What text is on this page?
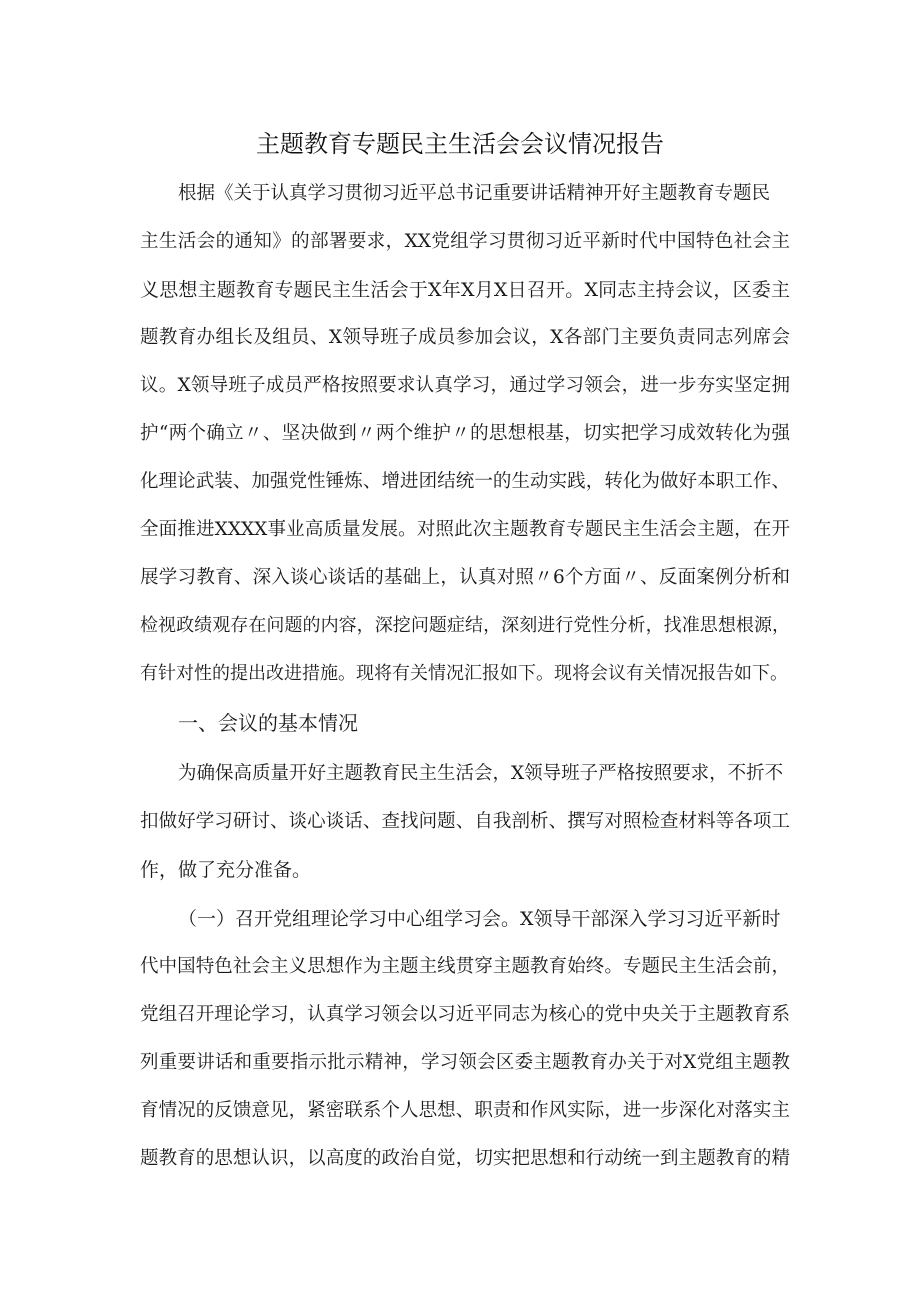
主题教育专题民主生活会会议情况报告
根据《关于认真学习贯彻习近平总书记重要讲话精神开好主题教育专题民
主生活会的通知》的部署要求，XX党组学习贯彻习近平新时代中国特色社会主
义思想主题教育专题民主生活会于X年X月X日召开。X同志主持会议，区委主
题教育办组长及组员、X领导班子成员参加会议，X各部门主要负责同志列席会
议。X领导班子成员严格按照要求认真学习，通过学习领会，进一步夯实坚定拥
护“两个确立〃、坚决做到〃两个维护〃的思想根基，切实把学习成效转化为强
化理论武装、加强党性锤炼、增进团结统一的生动实践，转化为做好本职工作、
全面推进XXXX事业高质量发展。对照此次主题教育专题民主生活会主题，在开
展学习教育、深入谈心谈话的基础上，认真对照〃6个方面〃、反面案例分析和
检视政绩观存在问题的内容，深挖问题症结，深刻进行党性分析，找准思想根源，
有针对性的提出改进措施。现将有关情况汇报如下。现将会议有关情况报告如下。
一、会议的基本情况
为确保高质量开好主题教育民主生活会，X领导班子严格按照要求，不折不
扣做好学习研讨、谈心谈话、查找问题、自我剖析、撰写对照检查材料等各项工
作，做了充分准备。
（一）召开党组理论学习中心组学习会。X领导干部深入学习习近平新时
代中国特色社会主义思想作为主题主线贯穿主题教育始终。专题民主生活会前，
党组召开理论学习，认真学习领会以习近平同志为核心的党中央关于主题教育系
列重要讲话和重要指示批示精神，学习领会区委主题教育办关于对X党组主题教
育情况的反馈意见，紧密联系个人思想、职责和作风实际，进一步深化对落实主
题教育的思想认识，以高度的政治自觉，切实把思想和行动统一到主题教育的精
